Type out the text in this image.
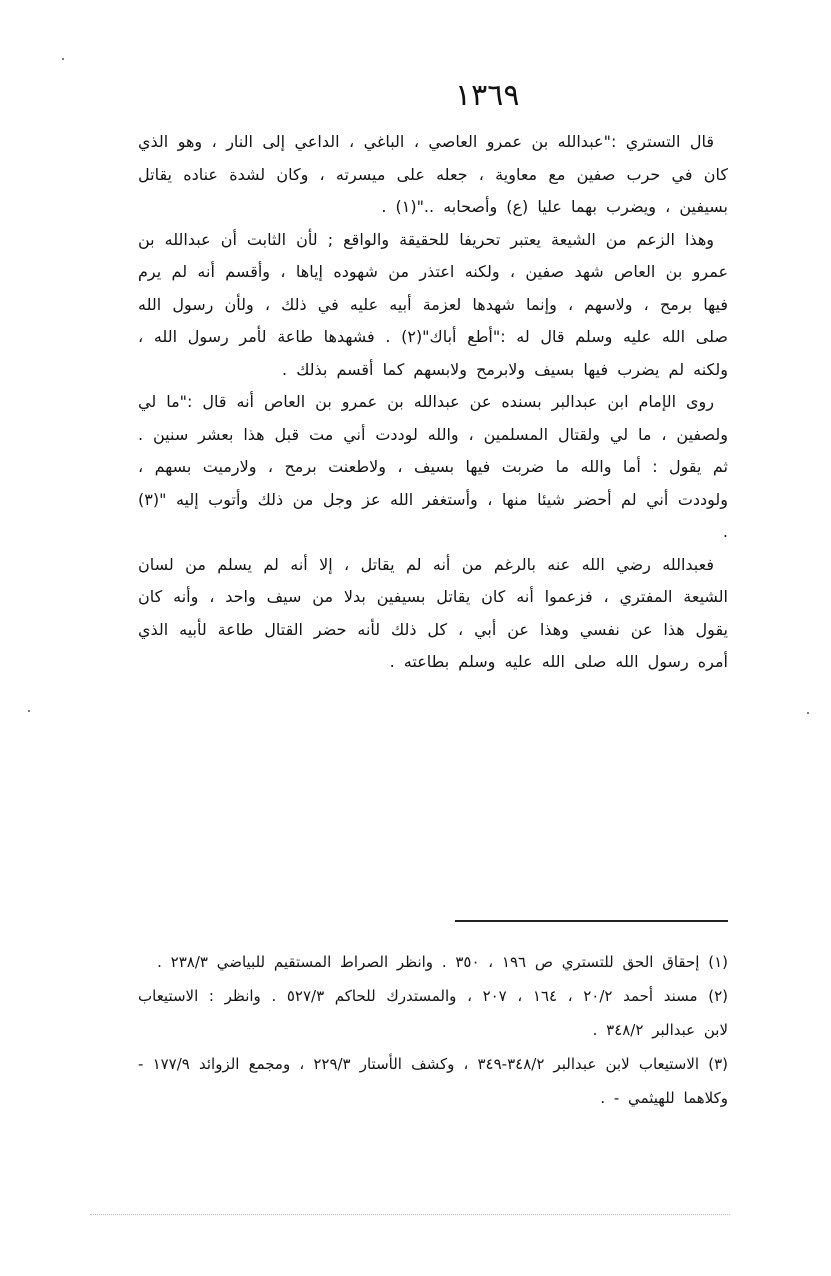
١٣٦٩

قال التستري :"عبدالله بن عمرو العاصي ، الباغي ، الداعي إلى النار ، وهو الذي كان في حرب صفين مع معاوية ، جعله على ميسرته ، وكان لشدة عناده يقاتل بسيفين ، ويضرب بهما عليا (ع) وأصحابه .."(١) .

وهذا الزعم من الشيعة يعتبر تحريفا للحقيقة والواقع ; لأن الثابت أن عبدالله بن عمرو بن العاص شهد صفين ، ولكنه اعتذر من شهوده إياها ، وأقسم أنه لم يرم فيها برمح ، ولاسهم ، وإنما شهدها لعزمة أبيه عليه في ذلك ، ولأن رسول الله صلى الله عليه وسلم قال له :"أطع أباك"(٢) . فشهدها طاعة لأمر رسول الله ، ولكنه لم يضرب فيها بسيف ولابرمح ولابسهم كما أقسم بذلك .

روى الإمام ابن عبدالبر بسنده عن عبدالله بن عمرو بن العاص أنه قال :"ما لي ولصفين ، ما لي ولقتال المسلمين ، والله لوددت أني مت قبل هذا بعشر سنين . ثم يقول : أما والله ما ضربت فيها بسيف ، ولاطعنت برمح ، ولارميت بسهم ، ولوددت أني لم أحضر شيئا منها ، وأستغفر الله عز وجل من ذلك وأتوب إليه "(٣) .

فعبدالله رضي الله عنه بالرغم من أنه لم يقاتل ، إلا أنه لم يسلم من لسان الشيعة المفتري ، فزعموا أنه كان يقاتل بسيفين بدلا من سيف واحد ، وأنه كان يقول هذا عن نفسي وهذا عن أبي ، كل ذلك لأنه حضر القتال طاعة لأبيه الذي أمره رسول الله صلى الله عليه وسلم بطاعته .

(١) إحقاق الحق للتستري ص ١٩٦ ، ٣٥٠ . وانظر الصراط المستقيم للبياضي ٢٣٨/٣ .

(٢) مسند أحمد ٢٠/٢ ، ١٦٤ ، ٢٠٧ ، والمستدرك للحاكم ٥٢٧/٣ . وانظر : الاستيعاب لابن عبدالبر ٣٤٨/٢ .

(٣) الاستيعاب لابن عبدالبر ٣٤٨/٢-٣٤٩ ، وكشف الأستار ٢٢٩/٣ ، ومجمع الزوائد ١٧٧/٩ - وكلاهما للهيثمي - .
